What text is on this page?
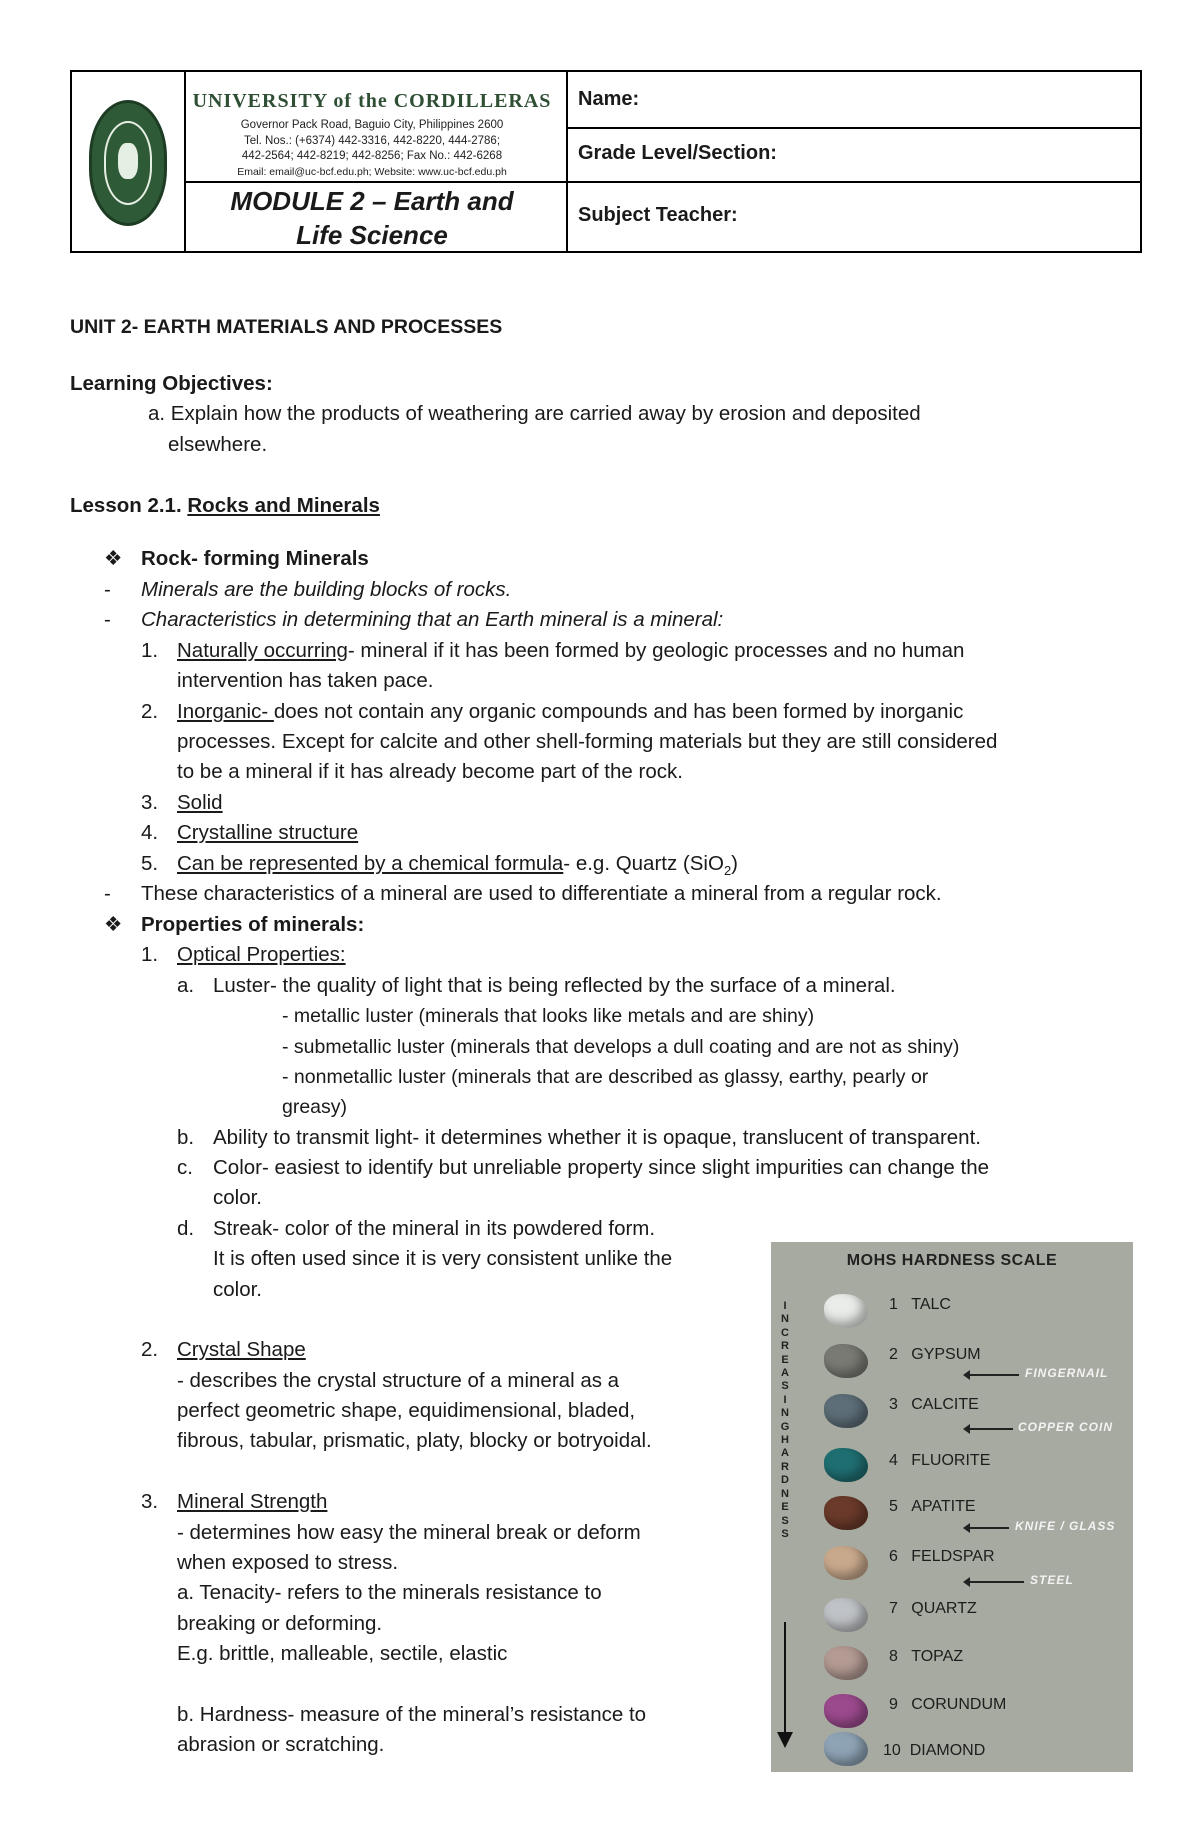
UNIVERSITY of the CORDILLERAS
Governor Pack Road, Baguio City, Philippines 2600
Tel. Nos.: (+6374) 442-3316, 442-8220, 444-2786;
442-2564; 442-8219; 442-8256; Fax No.: 442-6268
Email: email@uc-bcf.edu.ph; Website: www.uc-bcf.edu.ph
MODULE 2 – Earth and Life Science
Name:
Grade Level/Section:
Subject Teacher:
UNIT 2- EARTH MATERIALS AND PROCESSES
Learning Objectives:
a. Explain how the products of weathering are carried away by erosion and deposited
elsewhere.
Lesson 2.1. Rocks and Minerals
❖ Rock- forming Minerals
- Minerals are the building blocks of rocks.
- Characteristics in determining that an Earth mineral is a mineral:
1. Naturally occurring- mineral if it has been formed by geologic processes and no human
intervention has taken pace.
2. Inorganic- does not contain any organic compounds and has been formed by inorganic
processes. Except for calcite and other shell-forming materials but they are still considered
to be a mineral if it has already become part of the rock.
3. Solid
4. Crystalline structure
5. Can be represented by a chemical formula- e.g. Quartz (SiO$_2$)
- These characteristics of a mineral are used to differentiate a mineral from a regular rock.
❖ Properties of minerals:
1. Optical Properties:
a. Luster- the quality of light that is being reflected by the surface of a mineral.
- metallic luster (minerals that looks like metals and are shiny)
- submetallic luster (minerals that develops a dull coating and are not as shiny)
- nonmetallic luster (minerals that are described as glassy, earthy, pearly or
greasy)
b. Ability to transmit light- it determines whether it is opaque, translucent of transparent.
c. Color- easiest to identify but unreliable property since slight impurities can change the
color.
d. Streak- color of the mineral in its powdered form.
It is often used since it is very consistent unlike the
color.
2. Crystal Shape
- describes the crystal structure of a mineral as a
perfect geometric shape, equidimensional, bladed,
fibrous, tabular, prismatic, platy, blocky or botryoidal.
3. Mineral Strength
- determines how easy the mineral break or deform
when exposed to stress.
a. Tenacity- refers to the minerals resistance to
breaking or deforming.
E.g. brittle, malleable, sectile, elastic
b. Hardness- measure of the mineral’s resistance to
abrasion or scratching.
MOHS HARDNESS SCALE
INCREASING HARDNESS
1 TALC
2 GYPSUM
FINGERNAIL
3 CALCITE
COPPER COIN
4 FLUORITE
5 APATITE
KNIFE / GLASS
6 FELDSPAR
STEEL
7 QUARTZ
8 TOPAZ
9 CORUNDUM
10 DIAMOND
